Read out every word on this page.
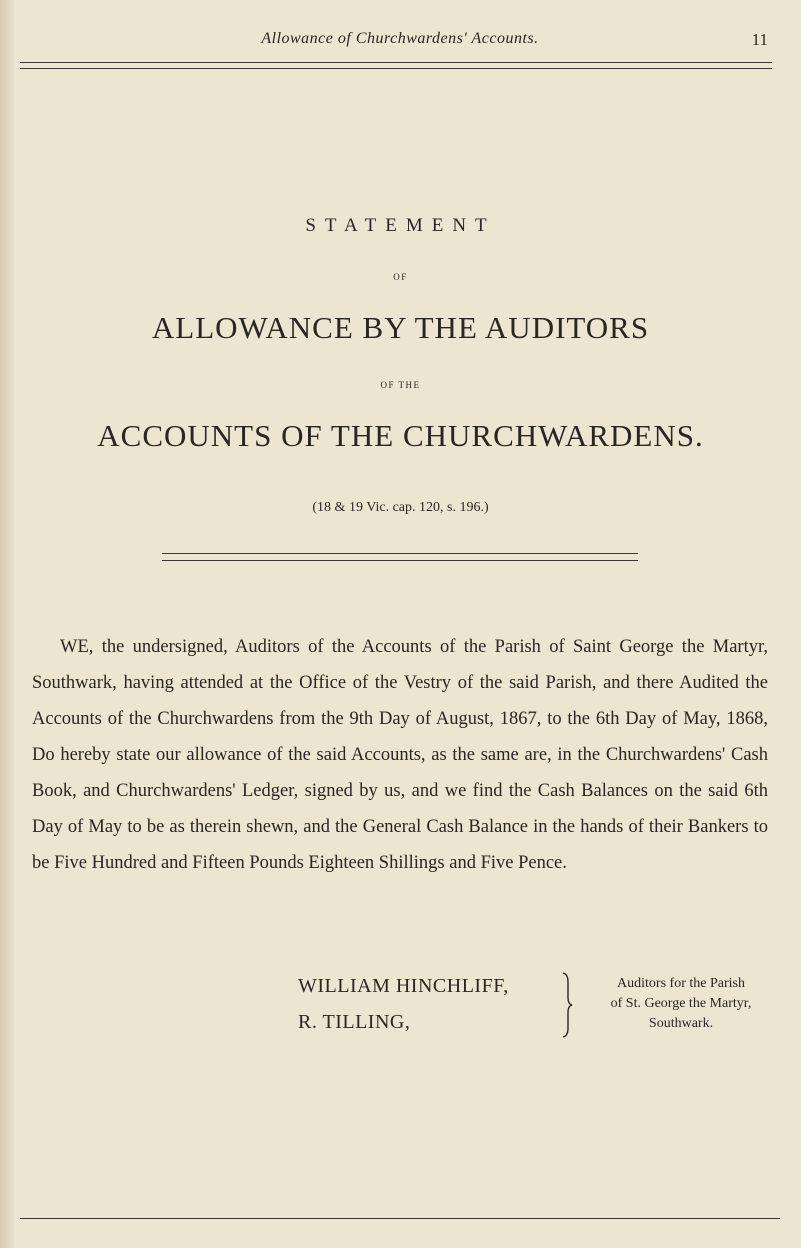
Allowance of Churchwardens' Accounts.	11
STATEMENT
OF
ALLOWANCE BY THE AUDITORS
OF THE
ACCOUNTS OF THE CHURCHWARDENS.
(18 & 19 Vic. cap. 120, s. 196.)

WE, the undersigned, Auditors of the Accounts of the Parish of Saint George the Martyr, Southwark, having attended at the Office of the Vestry of the said Parish, and there Audited the Accounts of the Churchwardens from the 9th Day of August, 1867, to the 6th Day of May, 1868, Do hereby state our allowance of the said Accounts, as the same are, in the Churchwardens' Cash Book, and Churchwardens' Ledger, signed by us, and we find the Cash Balances on the said 6th Day of May to be as therein shewn, and the General Cash Balance in the hands of their Bankers to be Five Hundred and Fifteen Pounds Eighteen Shillings and Five Pence.

WILLIAM HINCHLIFF,
R. TILLING,
Auditors for the Parish
of St. George the Martyr,
Southwark.
